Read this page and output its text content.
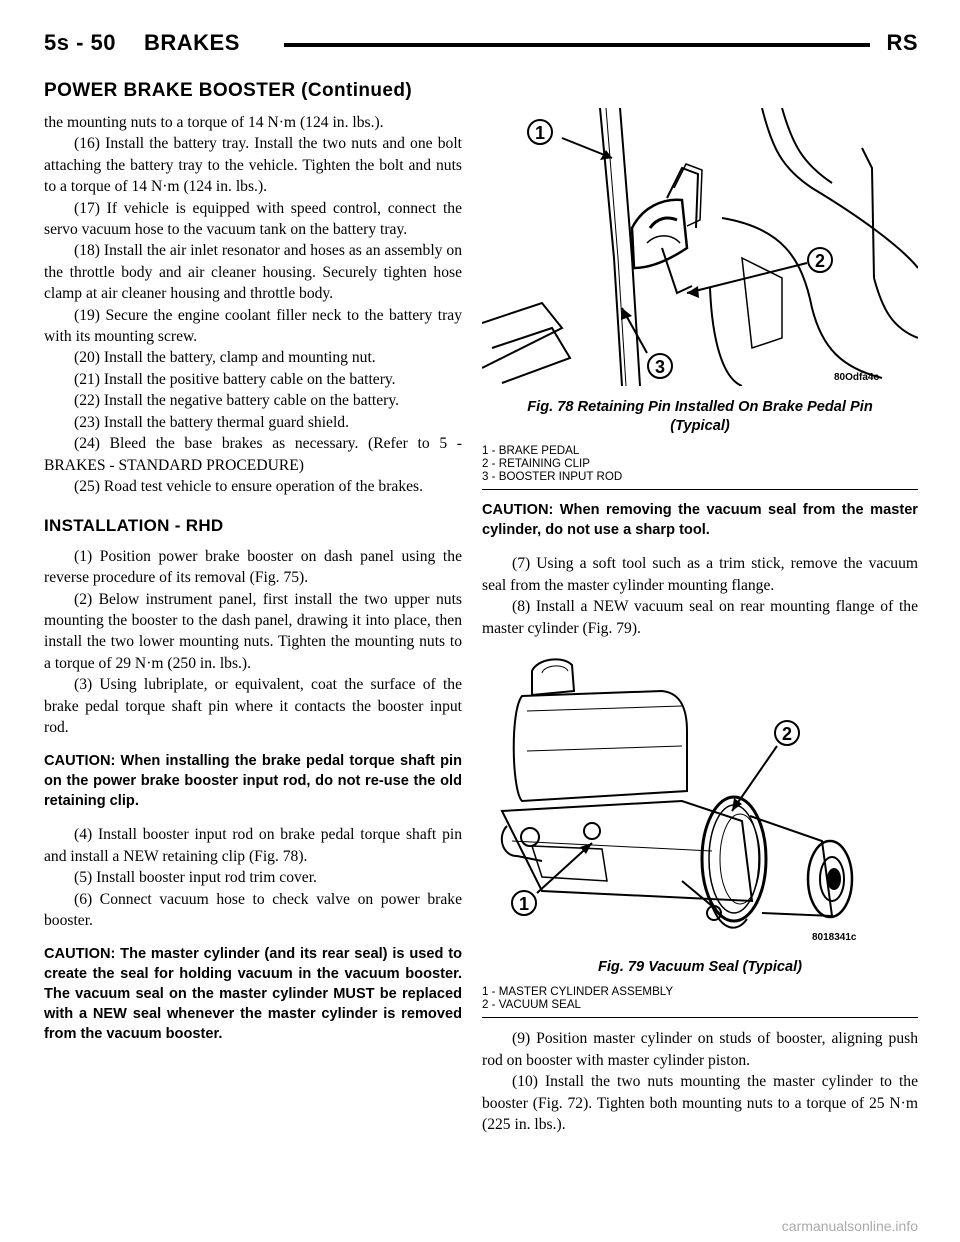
5s - 50 BRAKES	RS
POWER BRAKE BOOSTER (Continued)

the mounting nuts to a torque of 14 N·m (124 in. lbs.).

(16) Install the battery tray. Install the two nuts and one bolt attaching the battery tray to the vehicle. Tighten the bolt and nuts to a torque of 14 N·m (124 in. lbs.).

(17) If vehicle is equipped with speed control, connect the servo vacuum hose to the vacuum tank on the battery tray.

(18) Install the air inlet resonator and hoses as an assembly on the throttle body and air cleaner housing. Securely tighten hose clamp at air cleaner housing and throttle body.

(19) Secure the engine coolant filler neck to the battery tray with its mounting screw.

(20) Install the battery, clamp and mounting nut.

(21) Install the positive battery cable on the battery.

(22) Install the negative battery cable on the battery.

(23) Install the battery thermal guard shield.

(24) Bleed the base brakes as necessary. (Refer to 5 - BRAKES - STANDARD PROCEDURE)

(25) Road test vehicle to ensure operation of the brakes.

INSTALLATION - RHD

(1) Position power brake booster on dash panel using the reverse procedure of its removal (Fig. 75).

(2) Below instrument panel, first install the two upper nuts mounting the booster to the dash panel, drawing it into place, then install the two lower mounting nuts. Tighten the mounting nuts to a torque of 29 N·m (250 in. lbs.).

(3) Using lubriplate, or equivalent, coat the surface of the brake pedal torque shaft pin where it contacts the booster input rod.

CAUTION: When installing the brake pedal torque shaft pin on the power brake booster input rod, do not re-use the old retaining clip.

(4) Install booster input rod on brake pedal torque shaft pin and install a NEW retaining clip (Fig. 78).

(5) Install booster input rod trim cover.

(6) Connect vacuum hose to check valve on power brake booster.

CAUTION: The master cylinder (and its rear seal) is used to create the seal for holding vacuum in the vacuum booster. The vacuum seal on the master cylinder MUST be replaced with a NEW seal whenever the master cylinder is removed from the vacuum booster.

1
2
3
80Odfa4c
Fig. 78 Retaining Pin Installed On Brake Pedal Pin
(Typical)
1 - BRAKE PEDAL
2 - RETAINING CLIP
3 - BOOSTER INPUT ROD

CAUTION: When removing the vacuum seal from the master cylinder, do not use a sharp tool.

(7) Using a soft tool such as a trim stick, remove the vacuum seal from the master cylinder mounting flange.

(8) Install a NEW vacuum seal on rear mounting flange of the master cylinder (Fig. 79).

2
1
8018341c
Fig. 79 Vacuum Seal (Typical)
1 - MASTER CYLINDER ASSEMBLY
2 - VACUUM SEAL

(9) Position master cylinder on studs of booster, aligning push rod on booster with master cylinder piston.

(10) Install the two nuts mounting the master cylinder to the booster (Fig. 72). Tighten both mounting nuts to a torque of 25 N·m (225 in. lbs.).

carmanualsonline.info
